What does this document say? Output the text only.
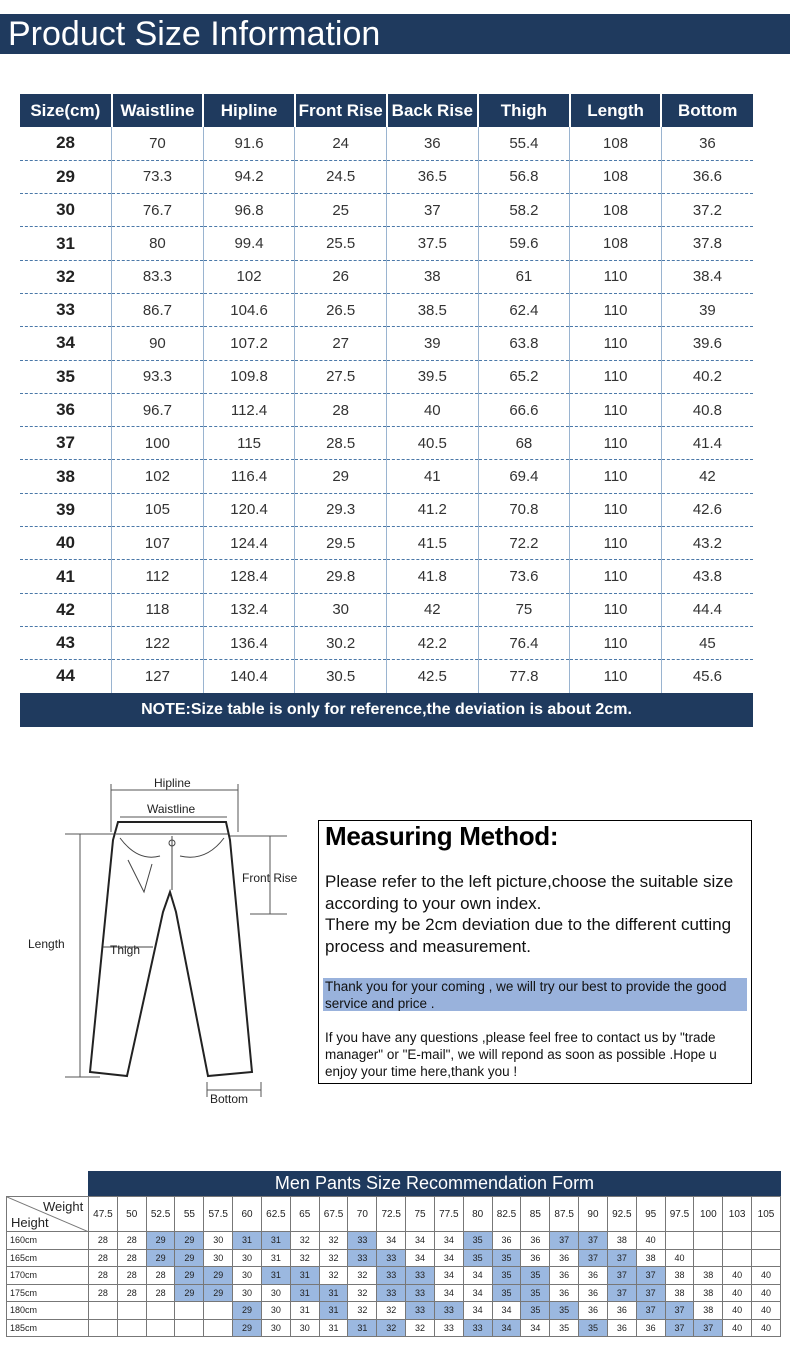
Product Size Information
Size(cm)	Waistline	Hipline	Front Rise	Back Rise	Thigh	Length	Bottom
28	70	91.6	24	36	55.4	108	36
29	73.3	94.2	24.5	36.5	56.8	108	36.6
30	76.7	96.8	25	37	58.2	108	37.2
31	80	99.4	25.5	37.5	59.6	108	37.8
32	83.3	102	26	38	61	110	38.4
33	86.7	104.6	26.5	38.5	62.4	110	39
34	90	107.2	27	39	63.8	110	39.6
35	93.3	109.8	27.5	39.5	65.2	110	40.2
36	96.7	112.4	28	40	66.6	110	40.8
37	100	115	28.5	40.5	68	110	41.4
38	102	116.4	29	41	69.4	110	42
39	105	120.4	29.3	41.2	70.8	110	42.6
40	107	124.4	29.5	41.5	72.2	110	43.2
41	112	128.4	29.8	41.8	73.6	110	43.8
42	118	132.4	30	42	75	110	44.4
43	122	136.4	30.2	42.2	76.4	110	45
44	127	140.4	30.5	42.5	77.8	110	45.6
NOTE:Size table is only for reference,the deviation is about 2cm.
Hipline
Waistline
Front Rise
Length	Thigh
Bottom
Measuring Method:
Please refer to the left picture,choose the suitable size according to your own index.
There my be 2cm deviation due to the different cutting process and measurement.
Thank you for your coming , we will try our best to provide the good service and price .
If you have any questions ,please feel free to contact us by "trade manager" or "E-mail", we will repond as soon as possible .Hope u enjoy your time here,thank you !
Men Pants Size Recommendation Form
Weight
Height	47.5	50	52.5	55	57.5	60	62.5	65	67.5	70	72.5	75	77.5	80	82.5	85	87.5	90	92.5	95	97.5	100	103	105
160cm	28	28	29	29	30	31	31	32	32	33	34	34	34	35	36	36	37	37	38	40				
165cm	28	28	29	29	30	30	31	32	32	33	33	34	34	35	35	36	36	37	37	38	40			
170cm	28	28	28	29	29	30	31	31	32	32	33	33	34	34	35	35	36	36	37	37	38	38	40	40
175cm	28	28	28	29	29	30	30	31	31	32	33	33	34	34	35	35	36	36	37	37	38	38	40	40
180cm						29	30	31	31	32	32	33	33	34	34	35	35	36	36	37	37	38	40	40
185cm						29	30	30	31	31	32	32	33	33	34	34	35	35	36	36	37	37	40	40
